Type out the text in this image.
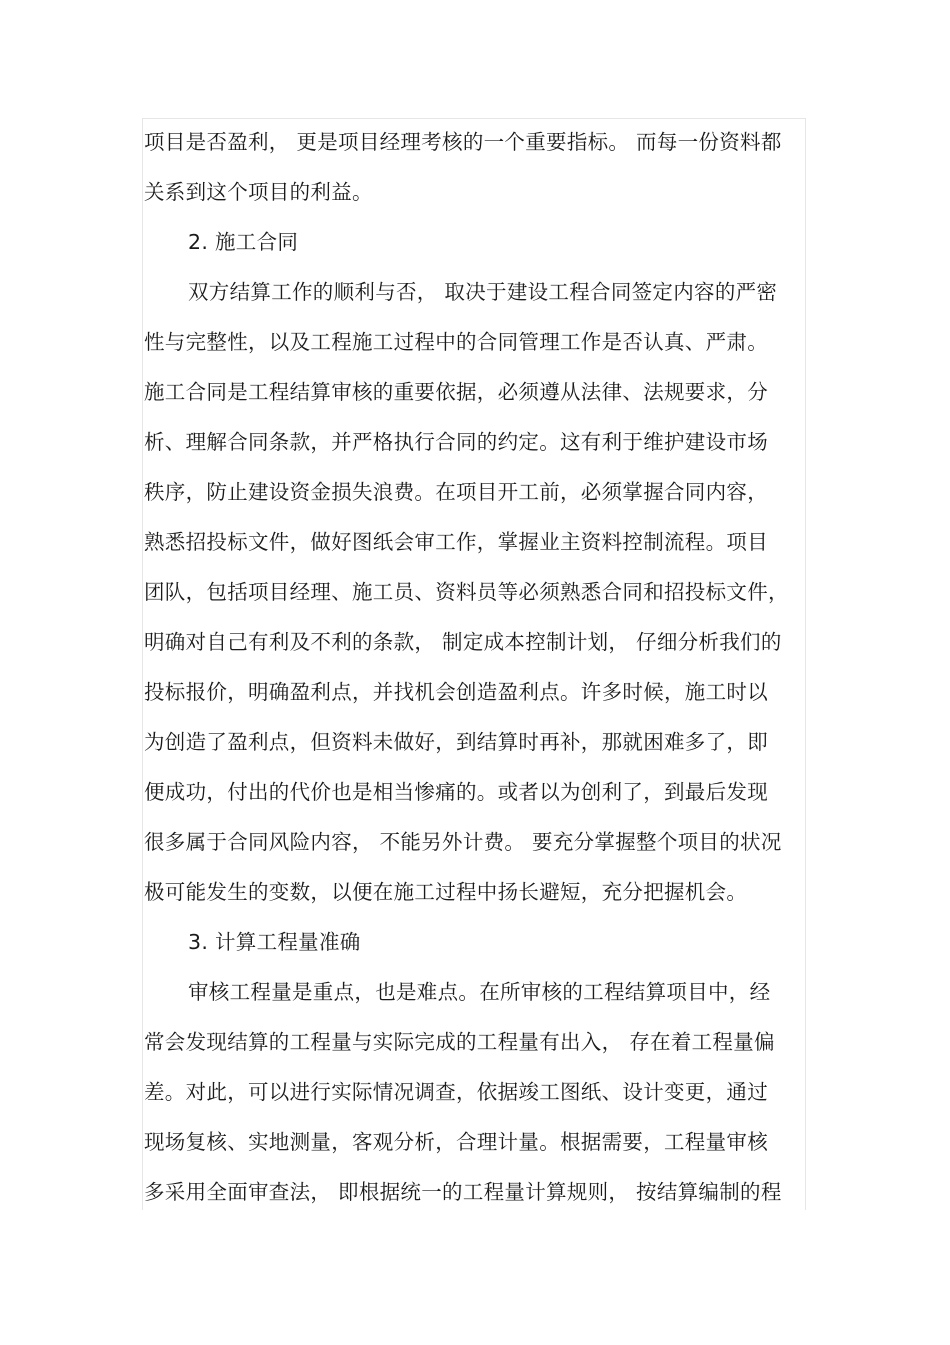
项目是否盈利， 更是项目经理考核的一个重要指标。 而每一份资料都
关系到这个项目的利益。
2. 施工合同
双方结算工作的顺利与否， 取决于建设工程合同签定内容的严密
性与完整性，以及工程施工过程中的合同管理工作是否认真、严肃。
施工合同是工程结算审核的重要依据，必须遵从法律、法规要求，分
析、理解合同条款，并严格执行合同的约定。这有利于维护建设市场
秩序，防止建设资金损失浪费。在项目开工前，必须掌握合同内容，
熟悉招投标文件，做好图纸会审工作，掌握业主资料控制流程。项目
团队，包括项目经理、施工员、资料员等必须熟悉合同和招投标文件，
明确对自己有利及不利的条款， 制定成本控制计划， 仔细分析我们的
投标报价，明确盈利点，并找机会创造盈利点。许多时候，施工时以
为创造了盈利点，但资料未做好，到结算时再补，那就困难多了，即
便成功，付出的代价也是相当惨痛的。或者以为创利了，到最后发现
很多属于合同风险内容， 不能另外计费。 要充分掌握整个项目的状况
极可能发生的变数，以便在施工过程中扬长避短，充分把握机会。
3. 计算工程量准确
审核工程量是重点，也是难点。在所审核的工程结算项目中，经
常会发现结算的工程量与实际完成的工程量有出入， 存在着工程量偏
差。对此，可以进行实际情况调查，依据竣工图纸、设计变更，通过
现场复核、实地测量，客观分析，合理计量。根据需要，工程量审核
多采用全面审查法， 即根据统一的工程量计算规则， 按结算编制的程
